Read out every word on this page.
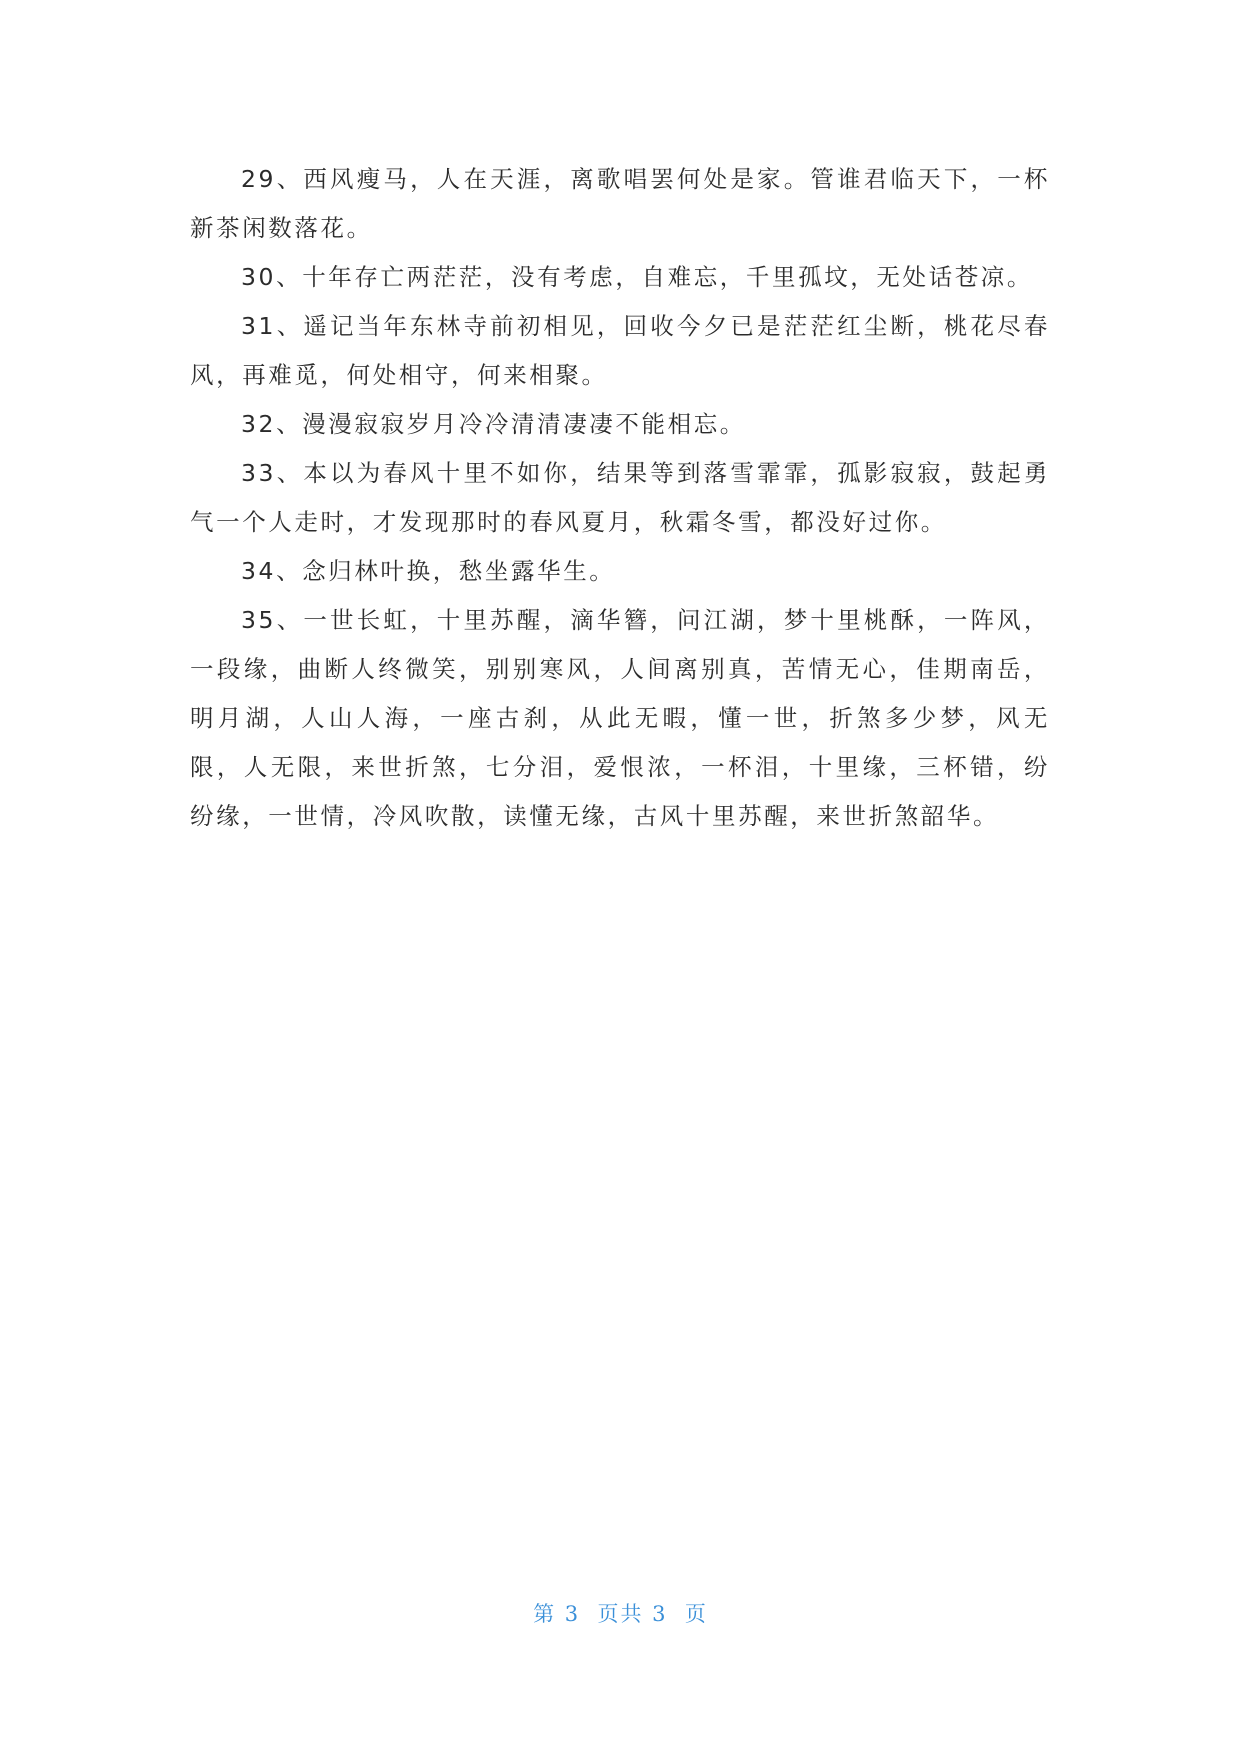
29、西风瘦马，人在天涯，离歌唱罢何处是家。管谁君临天下，一杯新茶闲数落花。

30、十年存亡两茫茫，没有考虑，自难忘，千里孤坟，无处话苍凉。

31、遥记当年东林寺前初相见，回收今夕已是茫茫红尘断，桃花尽春风，再难觅，何处相守，何来相聚。

32、漫漫寂寂岁月冷冷清清凄凄不能相忘。

33、本以为春风十里不如你，结果等到落雪霏霏，孤影寂寂，鼓起勇气一个人走时，才发现那时的春风夏月，秋霜冬雪，都没好过你。

34、念归林叶换，愁坐露华生。

35、一世长虹，十里苏醒，滴华簪，问江湖，梦十里桃酥，一阵风，一段缘，曲断人终微笑，别别寒风，人间离别真，苦情无心，佳期南岳，明月湖，人山人海，一座古刹，从此无暇，懂一世，折煞多少梦，风无限，人无限，来世折煞，七分泪，爱恨浓，一杯泪，十里缘，三杯错，纷纷缘，一世情，冷风吹散，读懂无缘，古风十里苏醒，来世折煞韶华。

第 3  页共 3  页
